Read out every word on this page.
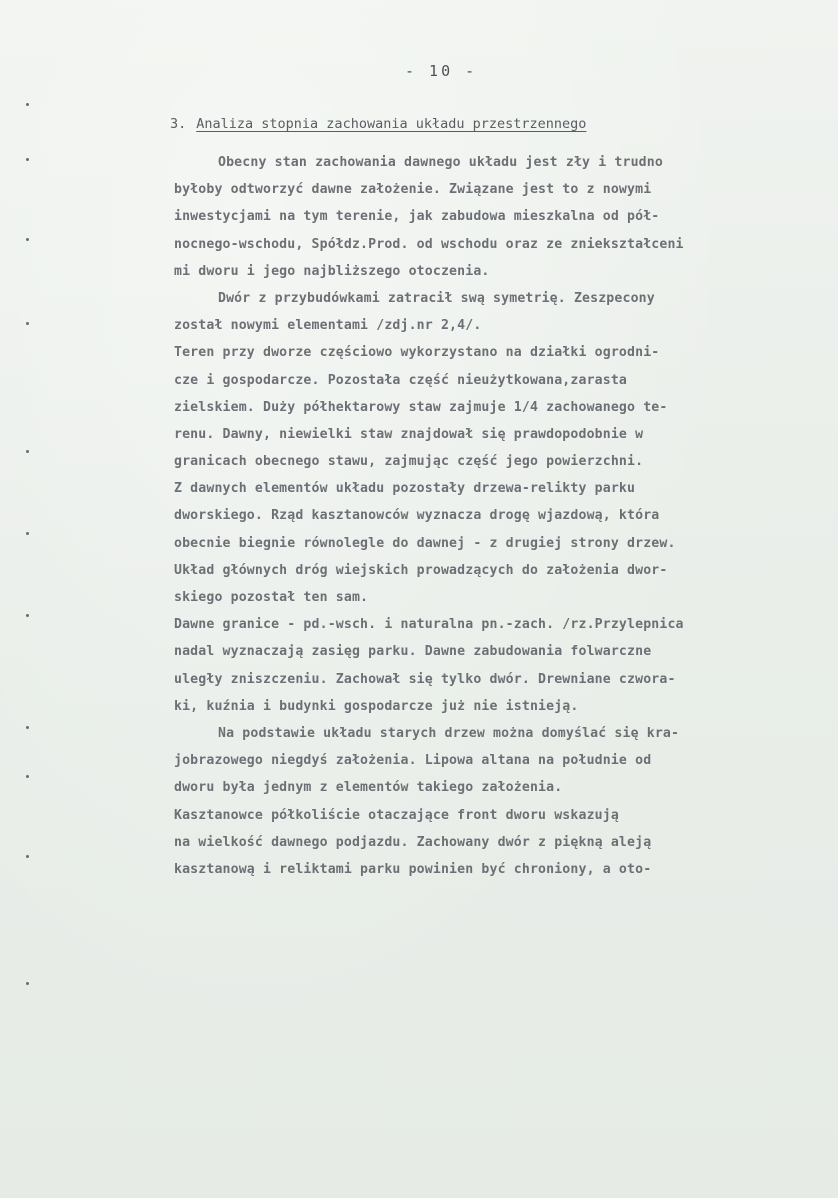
- 10 -
3. Analiza stopnia zachowania układu przestrzennego
Obecny stan zachowania dawnego układu jest zły i trudno
byłoby odtworzyć dawne założenie. Związane jest to z nowymi
inwestycjami na tym terenie, jak zabudowa mieszkalna od pół-
nocnego-wschodu, Spółdz.Prod. od wschodu oraz ze zniekształceni
mi dworu i jego najbliższego otoczenia.
Dwór z przybudówkami zatracił swą symetrię. Zeszpecony
został nowymi elementami /zdj.nr 2,4/.
Teren przy dworze częściowo wykorzystano na działki ogrodni-
cze i gospodarcze. Pozostała część nieużytkowana,zarasta
zielskiem. Duży półhektarowy staw zajmuje 1/4 zachowanego te-
renu. Dawny, niewielki staw znajdował się prawdopodobnie w
granicach obecnego stawu, zajmując część jego powierzchni.
Z dawnych elementów układu pozostały drzewa-relikty parku
dworskiego. Rząd kasztanowców wyznacza drogę wjazdową, która
obecnie biegnie równolegle do dawnej - z drugiej strony drzew.
Układ głównych dróg wiejskich prowadzących do założenia dwor-
skiego pozostał ten sam.
Dawne granice - pd.-wsch. i naturalna pn.-zach. /rz.Przylepnica
nadal wyznaczają zasięg parku. Dawne zabudowania folwarczne
uległy zniszczeniu. Zachował się tylko dwór. Drewniane czwora-
ki, kuźnia i budynki gospodarcze już nie istnieją.
Na podstawie układu starych drzew można domyślać się kra-
jobrazowego niegdyś założenia. Lipowa altana na południe od
dworu była jednym z elementów takiego założenia.
Kasztanowce półkoliście otaczające front dworu wskazują
na wielkość dawnego podjazdu. Zachowany dwór z piękną aleją
kasztanową i reliktami parku powinien być chroniony, a oto-
